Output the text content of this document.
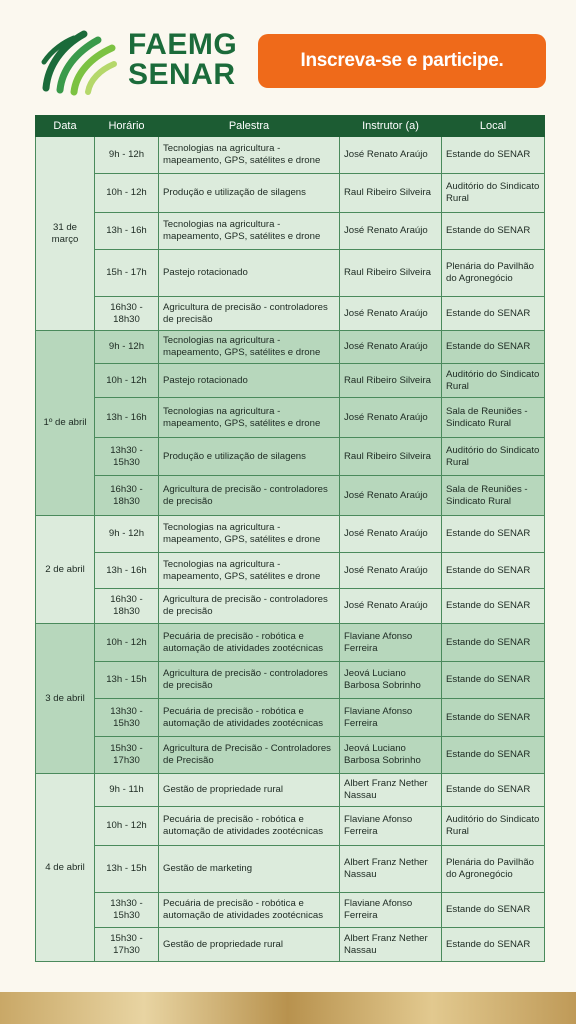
FAEMG
SENAR	Inscreva-se e participe.
Data	Horário	Palestra	Instrutor (a)	Local
31 de março	9h - 12h	Tecnologias na agricultura - mapeamento, GPS, satélites e drone	José Renato Araújo	Estande do SENAR
	10h - 12h	Produção e utilização de silagens	Raul Ribeiro Silveira	Auditório do Sindicato Rural
	13h - 16h	Tecnologias na agricultura - mapeamento, GPS, satélites e drone	José Renato Araújo	Estande do SENAR
	15h - 17h	Pastejo rotacionado	Raul Ribeiro Silveira	Plenária do Pavilhão do Agronegócio
	16h30 - 18h30	Agricultura de precisão - controladores de precisão	José Renato Araújo	Estande do SENAR
1º de abril	9h - 12h	Tecnologias na agricultura - mapeamento, GPS, satélites e drone	José Renato Araújo	Estande do SENAR
	10h - 12h	Pastejo rotacionado	Raul Ribeiro Silveira	Auditório do Sindicato Rural
	13h - 16h	Tecnologias na agricultura - mapeamento, GPS, satélites e drone	José Renato Araújo	Sala de Reuniões - Sindicato Rural
	13h30 - 15h30	Produção e utilização de silagens	Raul Ribeiro Silveira	Auditório do Sindicato Rural
	16h30 - 18h30	Agricultura de precisão - controladores de precisão	José Renato Araújo	Sala de Reuniões - Sindicato Rural
2 de abril	9h - 12h	Tecnologias na agricultura - mapeamento, GPS, satélites e drone	José Renato Araújo	Estande do SENAR
	13h - 16h	Tecnologias na agricultura - mapeamento, GPS, satélites e drone	José Renato Araújo	Estande do SENAR
	16h30 - 18h30	Agricultura de precisão - controladores de precisão	José Renato Araújo	Estande do SENAR
3 de abril	10h - 12h	Pecuária de precisão - robótica e automação de atividades zootécnicas	Flaviane Afonso Ferreira	Estande do SENAR
	13h - 15h	Agricultura de precisão - controladores de precisão	Jeová Luciano Barbosa Sobrinho	Estande do SENAR
	13h30 - 15h30	Pecuária de precisão - robótica e automação de atividades zootécnicas	Flaviane Afonso Ferreira	Estande do SENAR
	15h30 - 17h30	Agricultura de Precisão - Controladores de Precisão	Jeová Luciano Barbosa Sobrinho	Estande do SENAR
4 de abril	9h - 11h	Gestão de propriedade rural	Albert Franz Nether Nassau	Estande do SENAR
	10h - 12h	Pecuária de precisão - robótica e automação de atividades zootécnicas	Flaviane Afonso Ferreira	Auditório do Sindicato Rural
	13h - 15h	Gestão de marketing	Albert Franz Nether Nassau	Plenária do Pavilhão do Agronegócio
	13h30 - 15h30	Pecuária de precisão - robótica e automação de atividades zootécnicas	Flaviane Afonso Ferreira	Estande do SENAR
	15h30 - 17h30	Gestão de propriedade rural	Albert Franz Nether Nassau	Estande do SENAR
